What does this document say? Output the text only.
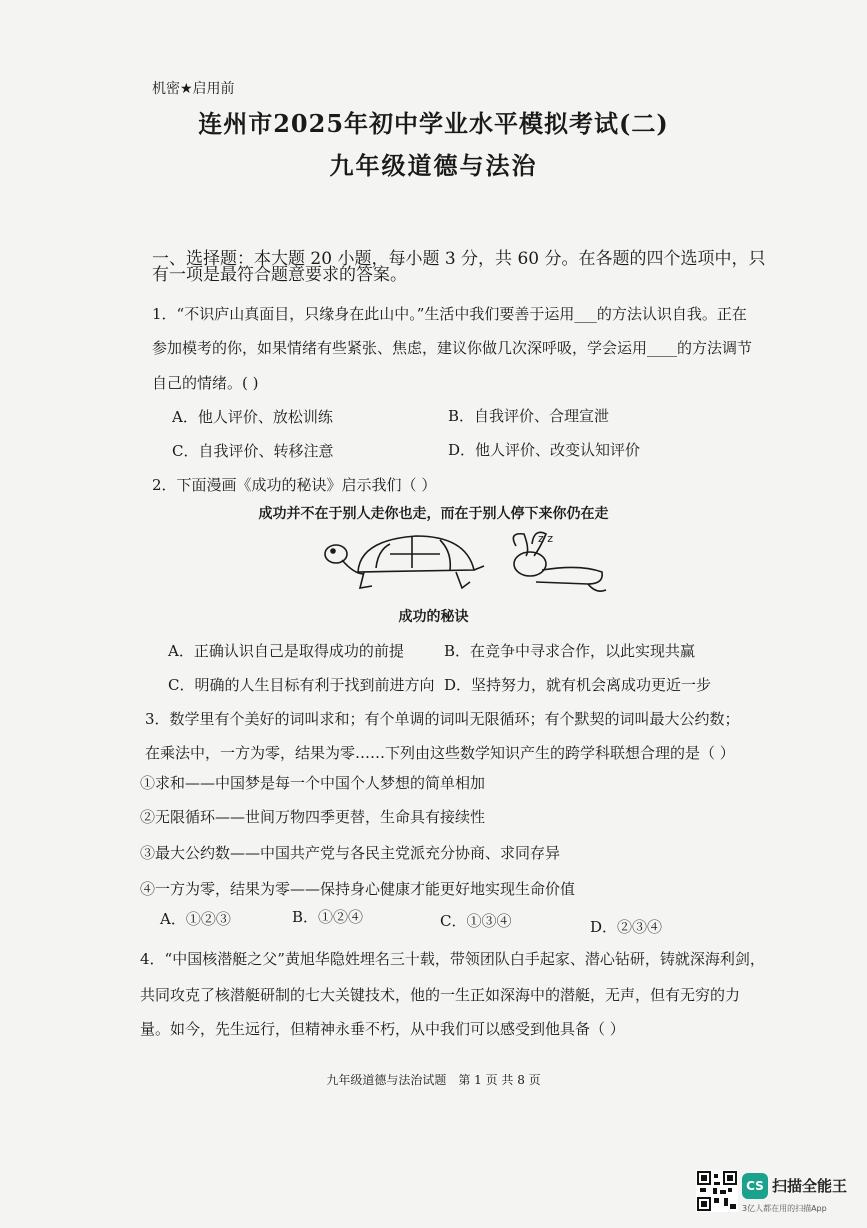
机密★启用前
连州市2025年初中学业水平模拟考试(二)
九年级道德与法治
一、选择题：本大题 20 小题，每小题 3 分，共 60 分。在各题的四个选项中，只
有一项是最符合题意要求的答案。
1．“不识庐山真面目，只缘身在此山中。”生活中我们要善于运用___的方法认识自我。正在
参加模考的你，如果情绪有些紧张、焦虑，建议你做几次深呼吸，学会运用____的方法调节
自己的情绪。( )
A．他人评价、放松训练	B．自我评价、合理宣泄
C．自我评价、转移注意	D．他人评价、改变认知评价
2．下面漫画《成功的秘诀》启示我们（ ）
成功并不在于别人走你也走，而在于别人停下来你仍在走
z z
成功的秘诀
A．正确认识自己是取得成功的前提	B．在竞争中寻求合作，以此实现共赢
C．明确的人生目标有利于找到前进方向 D．坚持努力，就有机会离成功更近一步
3．数学里有个美好的词叫求和；有个单调的词叫无限循环；有个默契的词叫最大公约数；
在乘法中，一方为零，结果为零……下列由这些数学知识产生的跨学科联想合理的是（ ）
①求和——中国梦是每一个中国个人梦想的简单相加
②无限循环——世间万物四季更替，生命具有接续性
③最大公约数——中国共产党与各民主党派充分协商、求同存异
④一方为零，结果为零——保持身心健康才能更好地实现生命价值
A．①②③	B．①②④	C．①③④	D．②③④
4．“中国核潜艇之父”黄旭华隐姓埋名三十载，带领团队白手起家、潜心钻研，铸就深海利剑，
共同攻克了核潜艇研制的七大关键技术，他的一生正如深海中的潜艇，无声，但有无穷的力
量。如今，先生远行，但精神永垂不朽，从中我们可以感受到他具备（ ）
九年级道德与法治试题　第 1 页 共 8 页
CS 扫描全能王
3亿人都在用的扫描App
